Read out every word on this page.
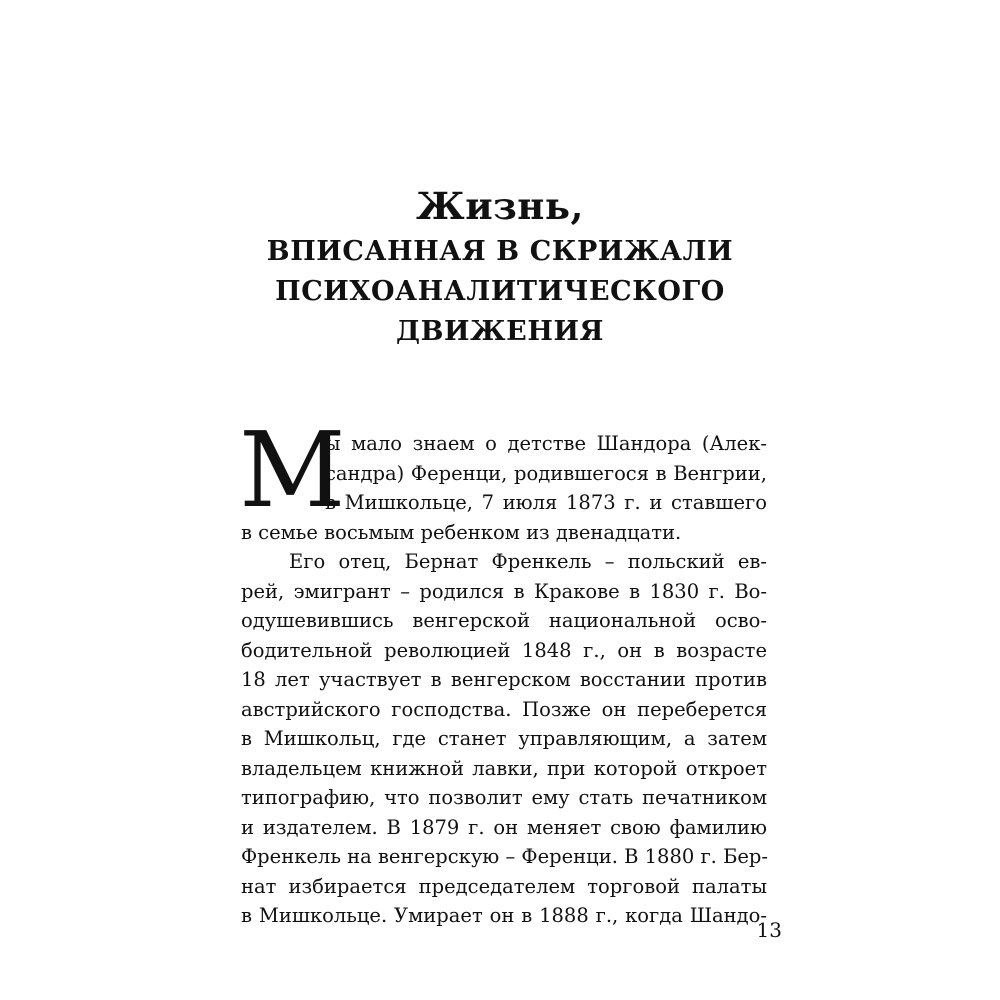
Жизнь,
ВПИСАННАЯ В СКРИЖАЛИ
ПСИХОАНАЛИТИЧЕСКОГО
ДВИЖЕНИЯ
М
ы мало знаем о детстве Шандора (Алек-
сандра) Ференци, родившегося в Венгрии,
в Мишкольце, 7 июля 1873 г. и ставшего
в семье восьмым ребенком из двенадцати.
Его отец, Бернат Френкель – польский ев-
рей, эмигрант – родился в Кракове в 1830 г. Во-
одушевившись венгерской национальной осво-
бодительной революцией 1848 г., он в возрасте
18 лет участвует в венгерском восстании против
австрийского господства. Позже он переберется
в Мишкольц, где станет управляющим, а затем
владельцем книжной лавки, при которой откроет
типографию, что позволит ему стать печатником
и издателем. В 1879 г. он меняет свою фамилию
Френкель на венгерскую – Ференци. В 1880 г. Бер-
нат избирается председателем торговой палаты
в Мишкольце. Умирает он в 1888 г., когда Шандо-
13
